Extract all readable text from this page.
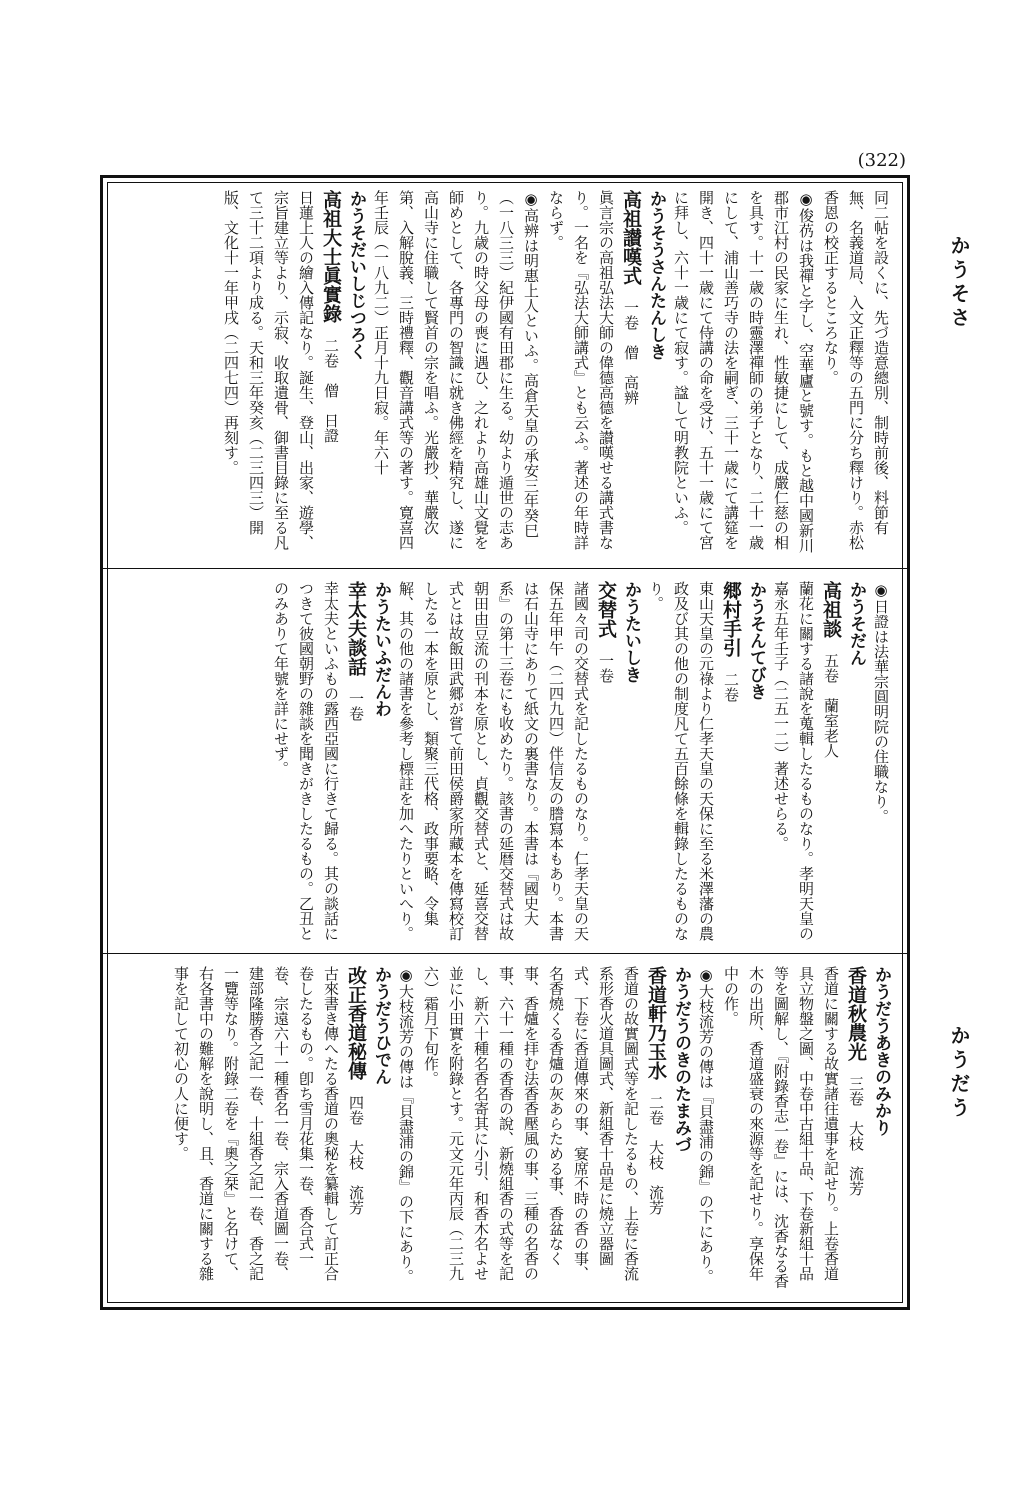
(322)
かうそさ
かうだう
同二帖を設くに、先づ造意總別、制時前後、料節有無、名義道局、入文正釋等の五門に分ち釋けり。赤松香恩の校正するところなり。
◉俊芿は我禪と字し、空華廬と號す。もと越中國新川郡市江村の民家に生れ、性敏捷にして、成嚴仁慈の相を具す。十一歳の時靈澤禪師の弟子となり、二十一歳にして、浦山善巧寺の法を嗣ぎ、三十一歳にて講筵を開き、四十一歳にて侍講の命を受け、五十一歳にて宮に拜し、六十一歳にて寂す。諡して明教院といふ。
かうそうさんたんしき
高祖讃嘆式　一卷　僧　高辨
眞言宗の高祖弘法大師の偉德高德を讃嘆せる講式書なり。一名を『弘法大師講式』とも云ふ。著述の年時詳ならず。
◉高辨は明惠上人といふ。高倉天皇の承安三年癸巳（一八三三）紀伊國有田郡に生る。幼より遁世の志あり。九歳の時父母の喪に遇ひ、之れより高雄山文覺を師めとして、各專門の智識に就き佛經を精究し、遂に高山寺に住職して賢首の宗を唱ふ。光嚴抄、華嚴次第、入解脫義、三時禮釋、觀音講式等の著す。寛喜四年壬辰（一八九二）正月十九日寂。年六十
かうそだいしじつろく
高祖大士眞實錄　二卷　僧　日證
日蓮上人の繪入傳記なり。誕生、登山、出家、遊學、宗旨建立等より、示寂、收取遺骨、御書目錄に至る凡て三十二項より成る。天和三年癸亥（二三四三）開版、文化十一年甲戌（二四七四）再刻す。
◉日證は法華宗圓明院の住職なり。
かうそだん
高祖談　五卷　蘭室老人
蘭花に關する諸說を蒐輯したるものなり。孝明天皇の嘉永五年壬子（二五一二）著述せらる。
かうそんてびき
郷村手引　二卷
東山天皇の元祿より仁孝天皇の天保に至る米澤藩の農政及び其の他の制度凡て五百餘條を輯錄したるものなり。
かうたいしき
交替式　一卷
諸國々司の交替式を記したるものなり。仁孝天皇の天保五年甲午（二四九四）伴信友の謄寫本もあり。本書は石山寺にありて紙文の裏書なり。本書は『國史大系』の第十三卷にも收めたり。該書の延暦交替式は故朝田由豆流の刊本を原とし、貞觀交替式と、延喜交替式とは故飯田武郷が嘗て前田侯爵家所藏本を傳寫校訂したる一本を原とし、類聚三代格、政事要略、令集解、其の他の諸書を參考し標註を加へたりといへり。
かうたいふだんわ
幸太夫談話　一卷
幸太夫といふもの露西亞國に行きて歸る。其の談話につきて彼國朝野の雜談を聞きがきしたるもの。乙丑とのみありて年號を詳にせず。
かうだうあきのみかり
香道秋農光　三卷　大枝　流芳
香道に關する故實諸往遺事を記せり。上卷香道具立物盤之圖、中卷中古組十品、下卷新組十品等を圖解し、『附錄香志一卷』には、沈香なる香木の出所、香道盛衰の來源等を記せり。享保年中の作。
◉大枝流芳の傳は『貝盡浦の錦』の下にあり。
かうだうのきのたまみづ
香道軒乃玉水　二卷　大枝　流芳
香道の故實圖式等を記したるもの、上卷に香流系形香火道具圖式、新組香十品是に燒立器圖式、下卷に香道傳來の事、宴席不時の香の事、名香燒くる香爐の灰あらためる事、香盆なく事、香爐を拝む法香香壓風の事、三種の名香の事、六十一種の香香の說、新燒組香の式等を記し、新六十種名香名寄其に小引、和香木名よせ並に小田實を附錄とす。元文元年丙辰（二三九六）霜月下旬作。
◉大枝流芳の傳は『貝盡浦の錦』の下にあり。
かうだうひでん
改正香道秘傳　四卷　大枝　流芳
古來書き傳へたる香道の奧秘を纂輯して訂正合卷したるもの。卽ち雪月花集一卷、香合式一卷、宗遠六十一種香名一卷、宗入香道圖一卷、建部隆勝香之記一卷、十組香之記一卷、香之記一覽等なり。附錄二卷を『奧之栞』と名けて、右各書中の難解を說明し、且、香道に關する雜事を記して初心の人に便す。
